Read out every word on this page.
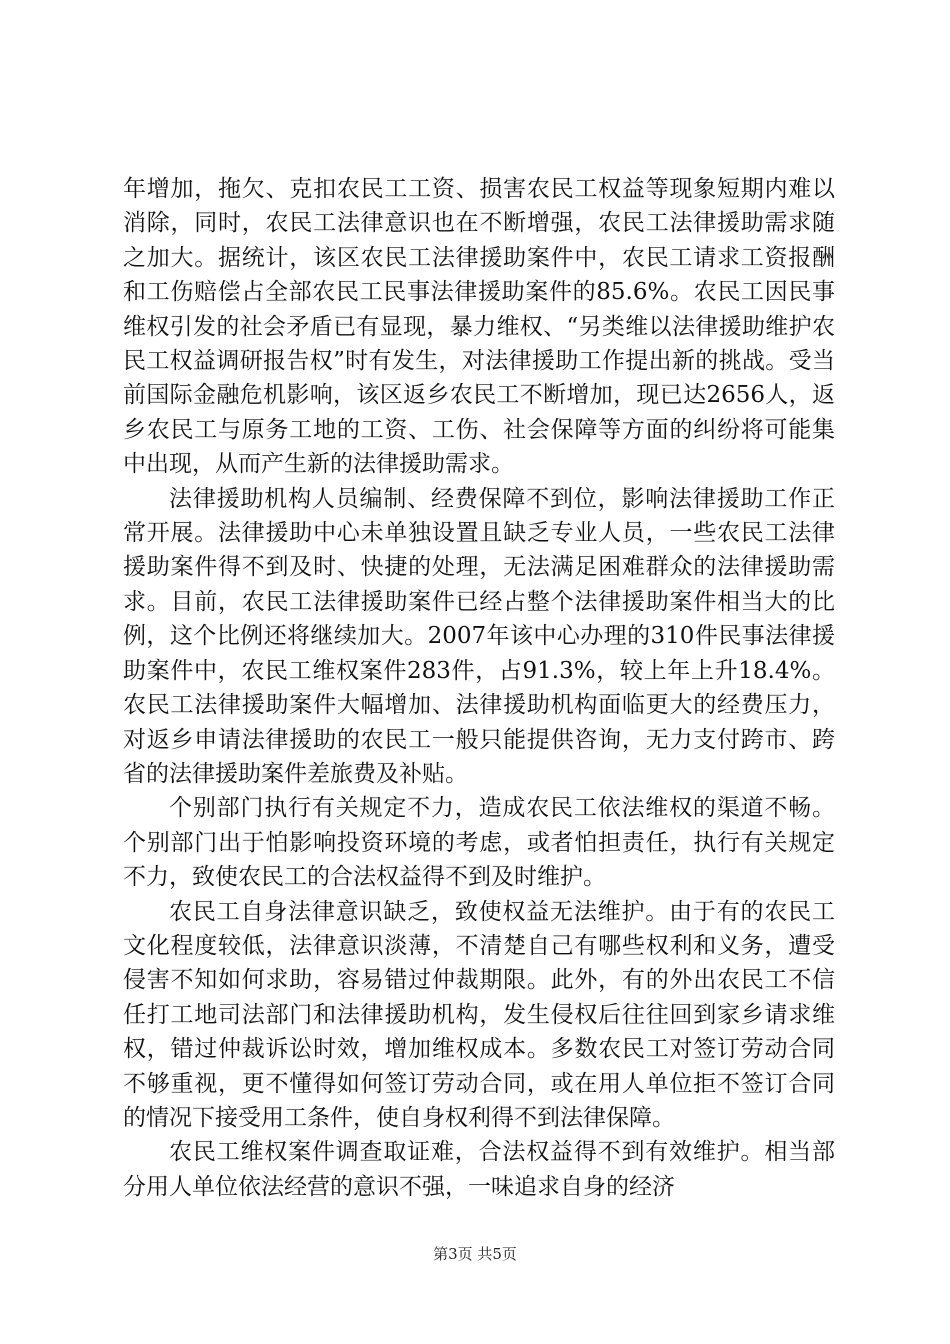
年增加，拖欠、克扣农民工工资、损害农民工权益等现象短期内难以消除，同时，农民工法律意识也在不断增强，农民工法律援助需求随之加大。据统计，该区农民工法律援助案件中，农民工请求工资报酬和工伤赔偿占全部农民工民事法律援助案件的85.6%。农民工因民事维权引发的社会矛盾已有显现，暴力维权、“另类维以法律援助维护农民工权益调研报告权”时有发生，对法律援助工作提出新的挑战。受当前国际金融危机影响，该区返乡农民工不断增加，现已达2656人，返乡农民工与原务工地的工资、工伤、社会保障等方面的纠纷将可能集中出现，从而产生新的法律援助需求。

法律援助机构人员编制、经费保障不到位，影响法律援助工作正常开展。法律援助中心未单独设置且缺乏专业人员，一些农民工法律援助案件得不到及时、快捷的处理，无法满足困难群众的法律援助需求。目前，农民工法律援助案件已经占整个法律援助案件相当大的比例，这个比例还将继续加大。2007年该中心办理的310件民事法律援助案件中，农民工维权案件283件，占91.3%，较上年上升18.4%。农民工法律援助案件大幅增加、法律援助机构面临更大的经费压力，对返乡申请法律援助的农民工一般只能提供咨询，无力支付跨市、跨省的法律援助案件差旅费及补贴。

个别部门执行有关规定不力，造成农民工依法维权的渠道不畅。个别部门出于怕影响投资环境的考虑，或者怕担责任，执行有关规定不力，致使农民工的合法权益得不到及时维护。

农民工自身法律意识缺乏，致使权益无法维护。由于有的农民工文化程度较低，法律意识淡薄，不清楚自己有哪些权利和义务，遭受侵害不知如何求助，容易错过仲裁期限。此外，有的外出农民工不信任打工地司法部门和法律援助机构，发生侵权后往往回到家乡请求维权，错过仲裁诉讼时效，增加维权成本。多数农民工对签订劳动合同不够重视，更不懂得如何签订劳动合同，或在用人单位拒不签订合同的情况下接受用工条件，使自身权利得不到法律保障。

农民工维权案件调查取证难，合法权益得不到有效维护。相当部分用人单位依法经营的意识不强，一味追求自身的经济

第3页 共5页
